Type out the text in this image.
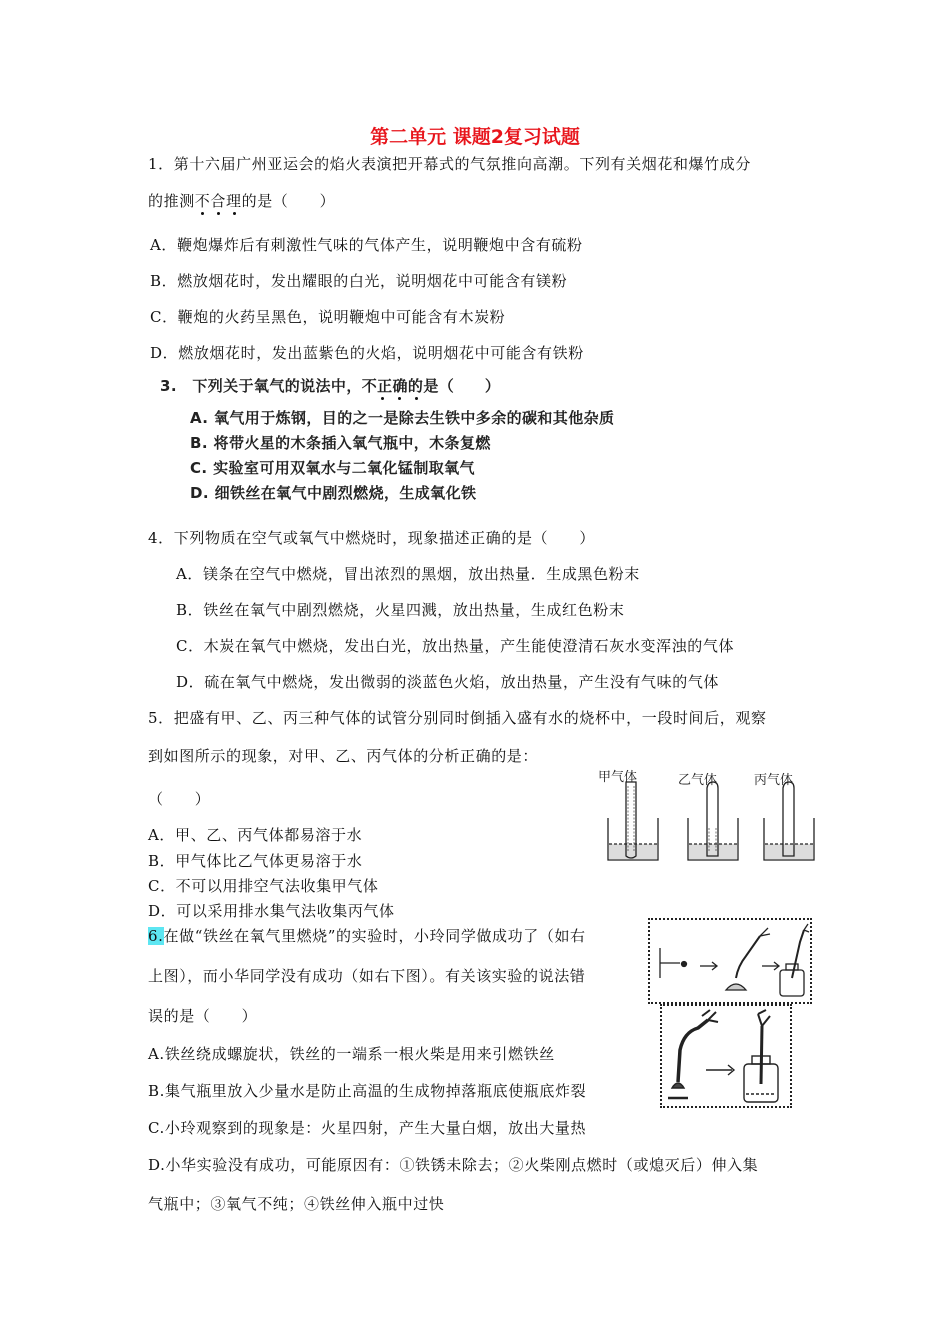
第二单元 课题2复习试题
1．第十六届广州亚运会的焰火表演把开幕式的气氛推向高潮。下列有关烟花和爆竹成分
的推测不合理的是（　　）
A．鞭炮爆炸后有刺激性气味的气体产生，说明鞭炮中含有硫粉
B．燃放烟花时，发出耀眼的白光，说明烟花中可能含有镁粉
C．鞭炮的火药呈黑色，说明鞭炮中可能含有木炭粉
D．燃放烟花时，发出蓝紫色的火焰，说明烟花中可能含有铁粉
3.　下列关于氧气的说法中，不正确的是（　　）
A. 氧气用于炼钢，目的之一是除去生铁中多余的碳和其他杂质
B. 将带火星的木条插入氧气瓶中，木条复燃
C. 实验室可用双氧水与二氧化锰制取氧气
D. 细铁丝在氧气中剧烈燃烧，生成氧化铁
4．下列物质在空气或氧气中燃烧时，现象描述正确的是（　　）
A．镁条在空气中燃烧，冒出浓烈的黑烟，放出热量．生成黑色粉末
B．铁丝在氧气中剧烈燃烧，火星四溅，放出热量，生成红色粉末
C．木炭在氧气中燃烧，发出白光，放出热量，产生能使澄清石灰水变浑浊的气体
D．硫在氧气中燃烧，发出微弱的淡蓝色火焰，放出热量，产生没有气味的气体
5．把盛有甲、乙、丙三种气体的试管分别同时倒插入盛有水的烧杯中，一段时间后，观察
到如图所示的现象，对甲、乙、丙气体的分析正确的是：
（　　）
A．甲、乙、丙气体都易溶于水
B．甲气体比乙气体更易溶于水
C．不可以用排空气法收集甲气体
D．可以采用排水集气法收集丙气体
甲气体	乙气体	丙气体
6.在做“铁丝在氧气里燃烧”的实验时，小玲同学做成功了（如右
上图），而小华同学没有成功（如右下图）。有关该实验的说法错
误的是（　　）
A.铁丝绕成螺旋状，铁丝的一端系一根火柴是用来引燃铁丝
B.集气瓶里放入少量水是防止高温的生成物掉落瓶底使瓶底炸裂
C.小玲观察到的现象是：火星四射，产生大量白烟，放出大量热
D.小华实验没有成功，可能原因有：①铁锈未除去；②火柴刚点燃时（或熄灭后）伸入集
气瓶中；③氧气不纯；④铁丝伸入瓶中过快
